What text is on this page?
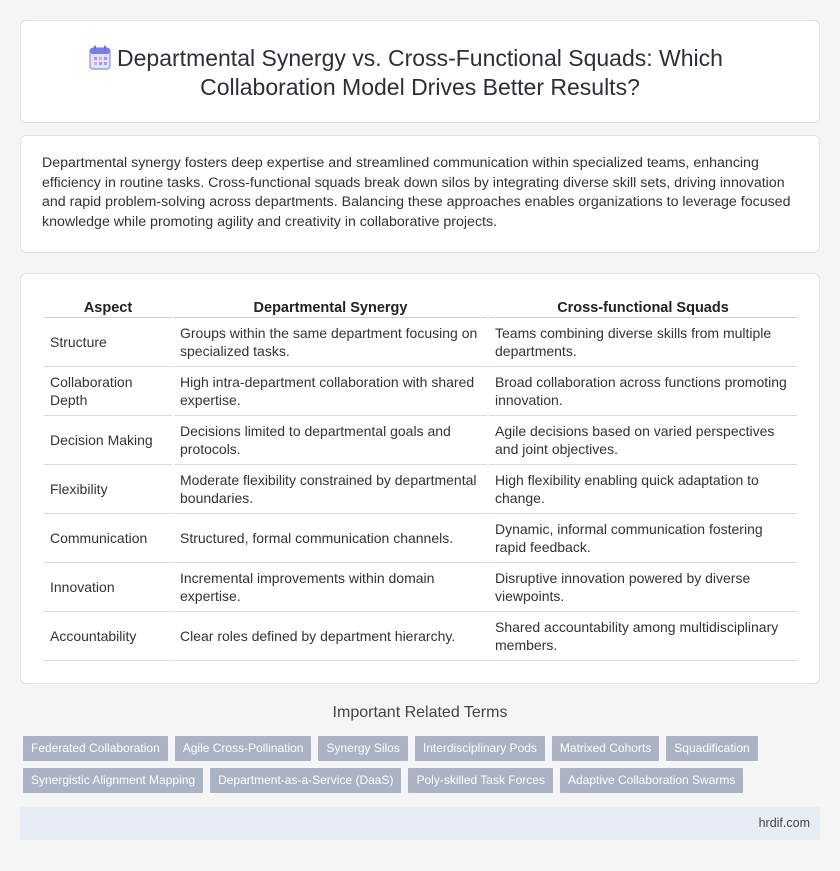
Departmental Synergy vs. Cross-Functional Squads: Which Collaboration Model Drives Better Results?

Departmental synergy fosters deep expertise and streamlined communication within specialized teams, enhancing efficiency in routine tasks. Cross-functional squads break down silos by integrating diverse skill sets, driving innovation and rapid problem-solving across departments. Balancing these approaches enables organizations to leverage focused knowledge while promoting agility and creativity in collaborative projects.

Aspect	Departmental Synergy	Cross-functional Squads
Structure	Groups within the same department focusing on specialized tasks.	Teams combining diverse skills from multiple departments.
Collaboration Depth	High intra-department collaboration with shared expertise.	Broad collaboration across functions promoting innovation.
Decision Making	Decisions limited to departmental goals and protocols.	Agile decisions based on varied perspectives and joint objectives.
Flexibility	Moderate flexibility constrained by departmental boundaries.	High flexibility enabling quick adaptation to change.
Communication	Structured, formal communication channels.	Dynamic, informal communication fostering rapid feedback.
Innovation	Incremental improvements within domain expertise.	Disruptive innovation powered by diverse viewpoints.
Accountability	Clear roles defined by department hierarchy.	Shared accountability among multidisciplinary members.
Important Related Terms
Federated Collaboration	Agile Cross-Pollination	Synergy Silos	Interdisciplinary Pods	Matrixed Cohorts	Squadification
Synergistic Alignment Mapping	Department-as-a-Service (DaaS)	Poly-skilled Task Forces	Adaptive Collaboration Swarms
hrdif.com
